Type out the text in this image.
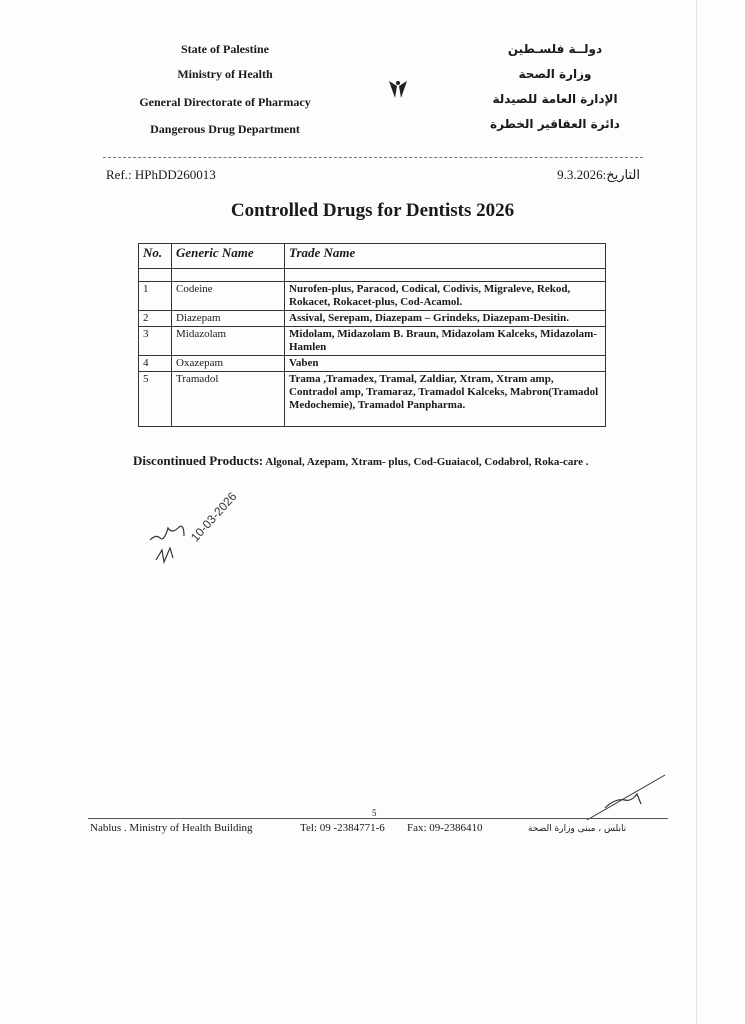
State of Palestine
Ministry of Health
General Directorate of Pharmacy
Dangerous Drug Department
دولــة فلسـطين
وزارة الصحة
الإدارة العامة للصيدلة
دائرة العقاقير الخطرة
Ref.: HPhDD260013	9.3.2026:التاريخ
Controlled Drugs for Dentists 2026
No.	Generic Name	Trade Name

1	Codeine	Nurofen-plus, Paracod, Codical, Codivis, Migraleve, Rekod, Rokacet, Rokacet-plus, Cod-Acamol.
2	Diazepam	Assival, Serepam, Diazepam – Grindeks, Diazepam-Desitin.
3	Midazolam	Midolam, Midazolam B. Braun, Midazolam Kalceks, Midazolam-Hamlen
4	Oxazepam	Vaben
5	Tramadol	Trama ,Tramadex, Tramal, Zaldiar, Xtram, Xtram amp, Contradol amp, Tramaraz, Tramadol Kalceks, Mabron(Tramadol Medochemie), Tramadol Panpharma.
Discontinued Products: Algonal, Azepam, Xtram- plus, Cod-Guaiacol, Codabrol, Roka-care .
10-03-2026
5
Nablus . Ministry of Health Building	Tel: 09 -2384771-6 Fax: 09-2386410	نابلس ، مبنى وزارة الصحة
